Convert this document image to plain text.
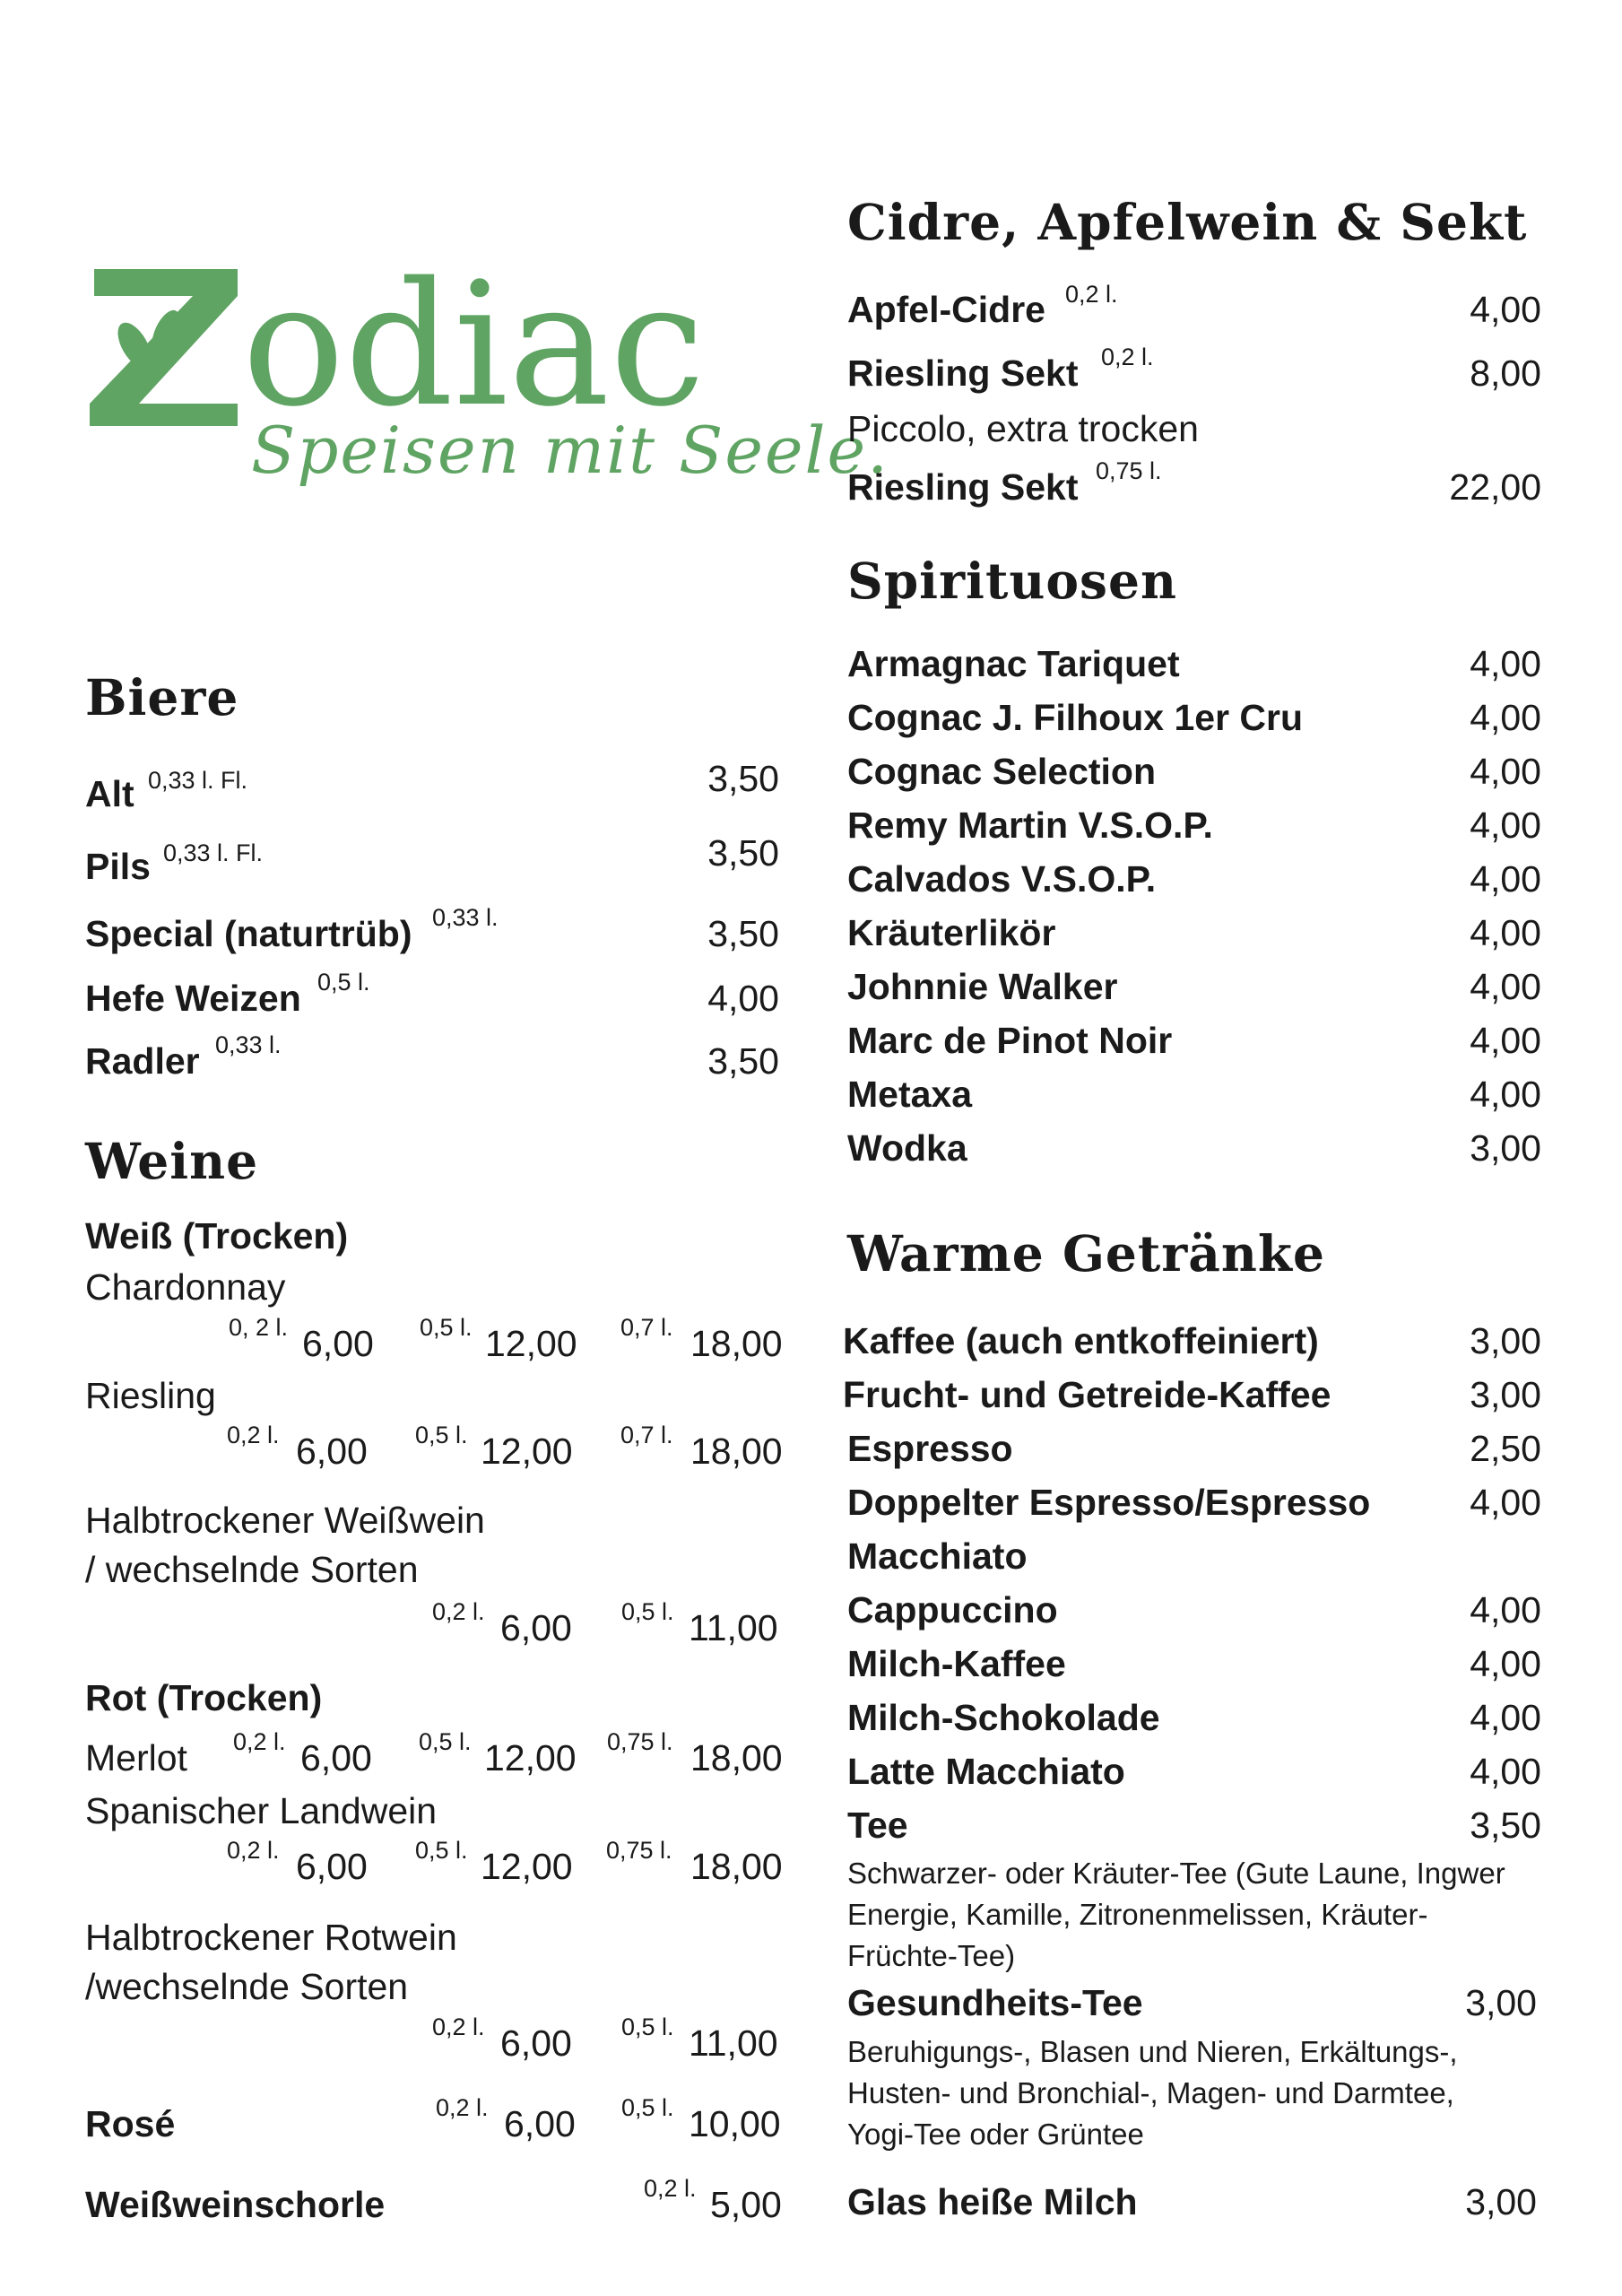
odiac
Speisen mit Seele.
Biere
Alt 0,33 l. Fl.	3,50
Pils 0,33 l. Fl.	3,50
Special (naturtrüb) 0,33 l.	3,50
Hefe Weizen 0,5 l.	4,00
Radler 0,33 l.	3,50
Weine
Weiß (Trocken)
Chardonnay
0, 2 l. 6,00 0,5 l. 12,00 0,7 l. 18,00
Riesling
0,2 l. 6,00 0,5 l. 12,00 0,7 l. 18,00
Halbtrockener Weißwein
/ wechselnde Sorten
0,2 l. 6,00 0,5 l. 11,00
Rot (Trocken)
Merlot 0,2 l. 6,00 0,5 l. 12,00 0,75 l. 18,00
Spanischer Landwein
0,2 l. 6,00 0,5 l. 12,00 0,75 l. 18,00
Halbtrockener Rotwein
/wechselnde Sorten
0,2 l. 6,00 0,5 l. 11,00
Rosé	0,2 l. 6,00 0,5 l. 10,00
Weißweinschorle	0,2 l. 5,00
Cidre, Apfelwein & Sekt
Apfel-Cidre 0,2 l.	4,00
Riesling Sekt 0,2 l.	8,00
Piccolo, extra trocken
Riesling Sekt 0,75 l.	22,00
Spirituosen
Armagnac Tariquet	4,00
Cognac J. Filhoux 1er Cru	4,00
Cognac Selection	4,00
Remy Martin V.S.O.P.	4,00
Calvados V.S.O.P.	4,00
Kräuterlikör	4,00
Johnnie Walker	4,00
Marc de Pinot Noir	4,00
Metaxa	4,00
Wodka	3,00
Warme Getränke
Kaffee (auch entkoffeiniert)	3,00
Frucht- und Getreide-Kaffee	3,00
Espresso	2,50
Doppelter Espresso/Espresso	4,00
Macchiato
Cappuccino	4,00
Milch-Kaffee	4,00
Milch-Schokolade	4,00
Latte Macchiato	4,00
Tee	3,50
Schwarzer- oder Kräuter-Tee (Gute Laune, Ingwer Energie, Kamille, Zitronenmelissen, Kräuter-Früchte-Tee)
Gesundheits-Tee	3,00
Beruhigungs-, Blasen und Nieren, Erkältungs-, Husten- und Bronchial-, Magen- und Darmtee, Yogi-Tee oder Grüntee
Glas heiße Milch	3,00
